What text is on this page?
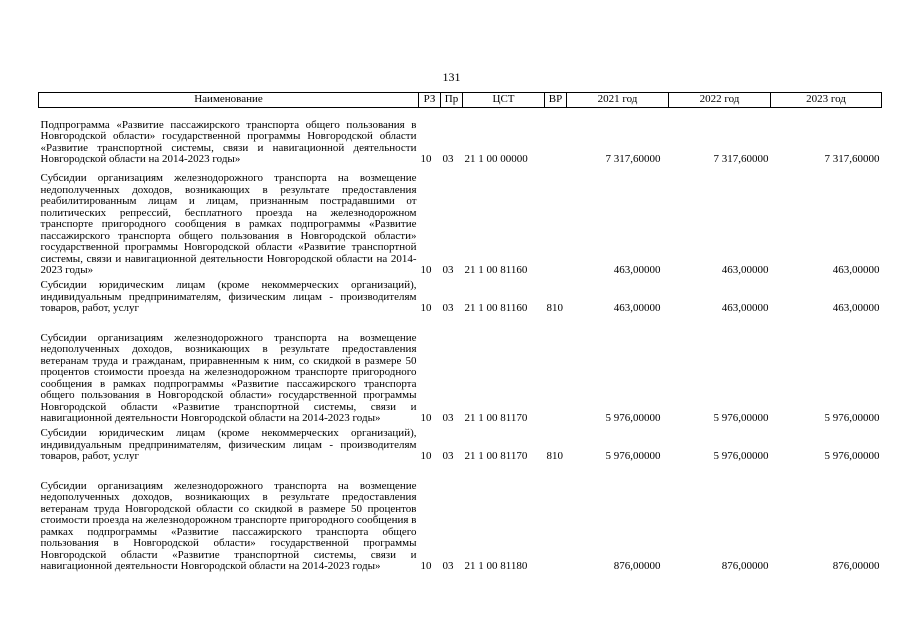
131
Наименование	РЗ	Пр	ЦСТ	ВР	2021 год	2022 год	2023 год

Подпрограмма «Развитие пассажирского транспорта общего пользования в Новгородской области» государственной программы Новгородской области «Развитие транспортной системы, связи и навигационной деятельности Новгородской области на 2014-2023 годы»	10	03	21 1 00 00000		7 317,60000	7 317,60000	7 317,60000

Субсидии организациям железнодорожного транспорта на возмещение недополученных доходов, возникающих в результате предоставления реабилитированным лицам и лицам, признанным пострадавшими от политических репрессий, бесплатного проезда на железнодорожном транспорте пригородного сообщения в рамках подпрограммы «Развитие пассажирского транспорта общего пользования в Новгородской области» государственной программы Новгородской области «Развитие транспортной системы, связи и навигационной деятельности Новгородской области на 2014-2023 годы»	10	03	21 1 00 81160		463,00000	463,00000	463,00000

Субсидии юридическим лицам (кроме некоммерческих организаций), индивидуальным предпринимателям, физическим лицам - производителям товаров, работ, услуг	10	03	21 1 00 81160	810	463,00000	463,00000	463,00000

Субсидии организациям железнодорожного транспорта на возмещение недополученных доходов, возникающих в результате предоставления ветеранам труда и гражданам, приравненным к ним, со скидкой в размере 50 процентов стоимости проезда на железнодорожном транспорте пригородного сообщения в рамках подпрограммы «Развитие пассажирского транспорта общего пользования в Новгородской области» государственной программы Новгородской области «Развитие транспортной системы, связи и навигационной деятельности Новгородской области на 2014-2023 годы»	10	03	21 1 00 81170		5 976,00000	5 976,00000	5 976,00000

Субсидии юридическим лицам (кроме некоммерческих организаций), индивидуальным предпринимателям, физическим лицам - производителям товаров, работ, услуг	10	03	21 1 00 81170	810	5 976,00000	5 976,00000	5 976,00000

Субсидии организациям железнодорожного транспорта на возмещение недополученных доходов, возникающих в результате предоставления ветеранам труда Новгородской области со скидкой в размере 50 процентов стоимости проезда на железнодорожном транспорте пригородного сообщения в рамках подпрограммы «Развитие пассажирского транспорта общего пользования в Новгородской области» государственной программы Новгородской области «Развитие транспортной системы, связи и навигационной деятельности Новгородской области на 2014-2023 годы»	10	03	21 1 00 81180		876,00000	876,00000	876,00000
